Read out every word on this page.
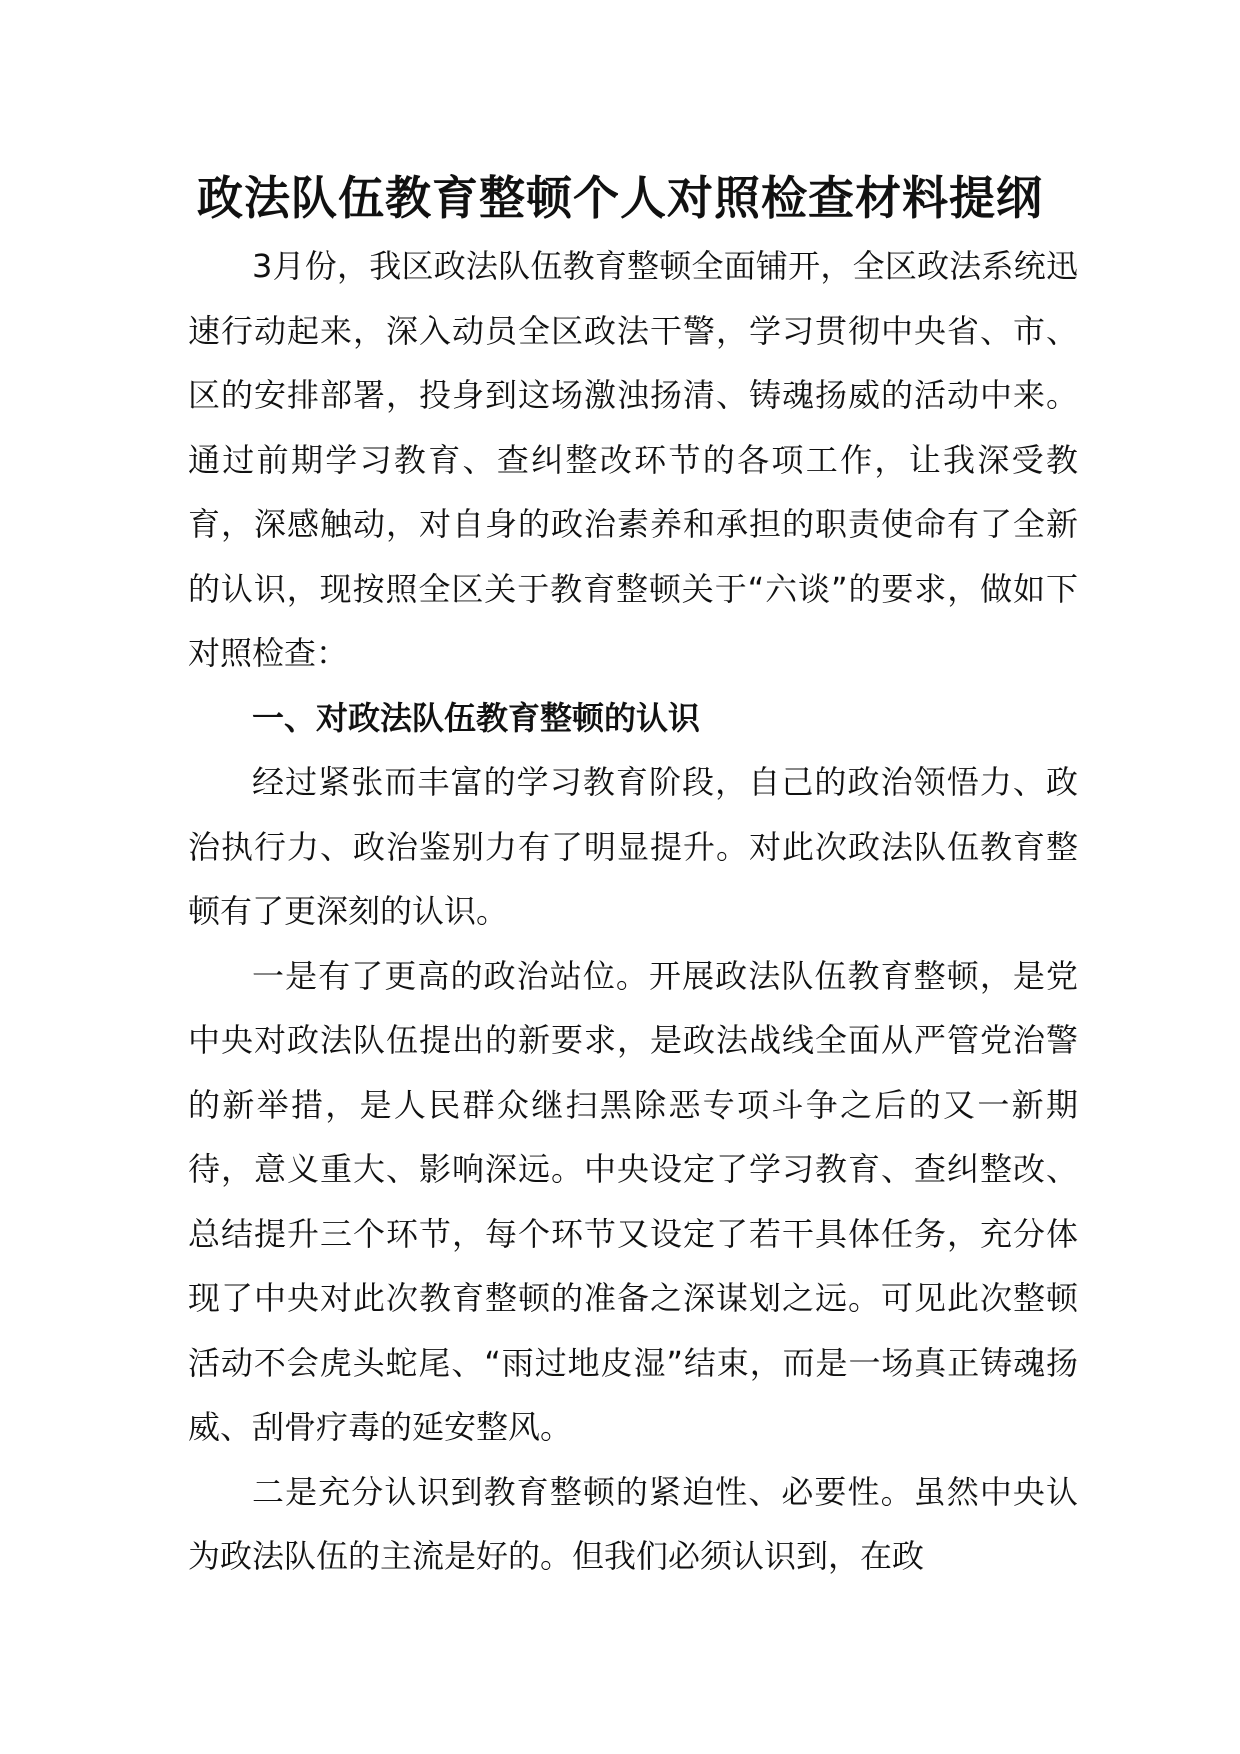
政法队伍教育整顿个人对照检查材料提纲

3月份，我区政法队伍教育整顿全面铺开，全区政法系统迅速行动起来，深入动员全区政法干警，学习贯彻中央省、市、区的安排部署，投身到这场激浊扬清、铸魂扬威的活动中来。通过前期学习教育、查纠整改环节的各项工作，让我深受教育，深感触动，对自身的政治素养和承担的职责使命有了全新的认识，现按照全区关于教育整顿关于“六谈”的要求，做如下对照检查：

一、对政法队伍教育整顿的认识

经过紧张而丰富的学习教育阶段，自己的政治领悟力、政治执行力、政治鉴别力有了明显提升。对此次政法队伍教育整顿有了更深刻的认识。

一是有了更高的政治站位。开展政法队伍教育整顿，是党中央对政法队伍提出的新要求，是政法战线全面从严管党治警的新举措，是人民群众继扫黑除恶专项斗争之后的又一新期待，意义重大、影响深远。中央设定了学习教育、查纠整改、总结提升三个环节，每个环节又设定了若干具体任务，充分体现了中央对此次教育整顿的准备之深谋划之远。可见此次整顿活动不会虎头蛇尾、“雨过地皮湿”结束，而是一场真正铸魂扬威、刮骨疗毒的延安整风。

二是充分认识到教育整顿的紧迫性、必要性。虽然中央认为政法队伍的主流是好的。但我们必须认识到，在政
